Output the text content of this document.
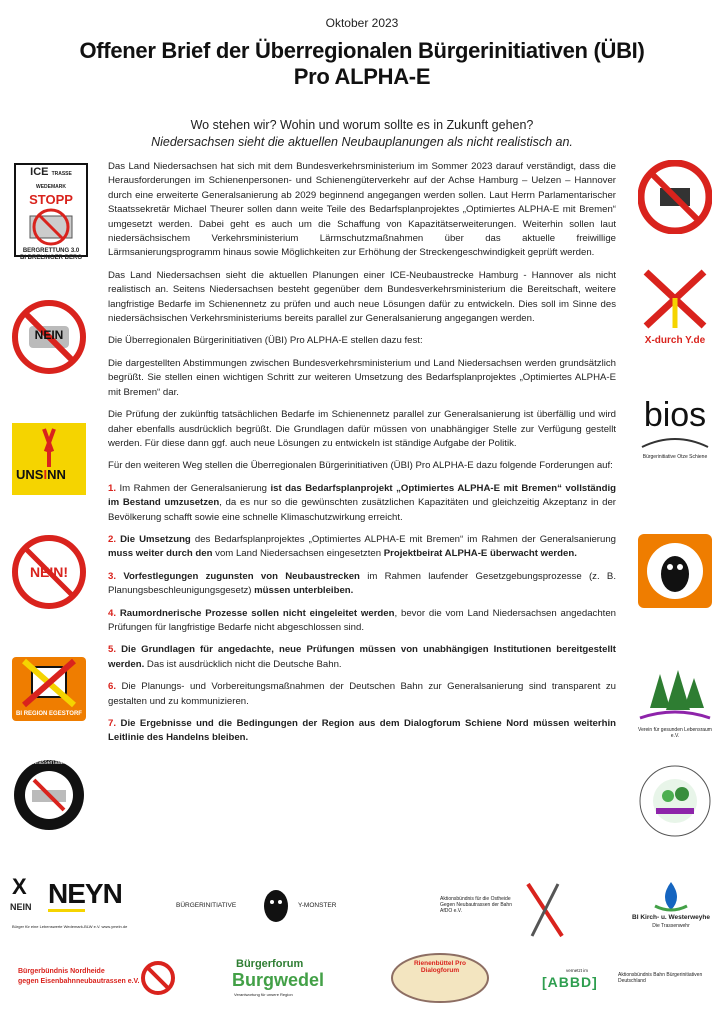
Oktober 2023
Offener Brief der Überregionalen Bürgerinitiativen (ÜBI)
Pro ALPHA-E
Wo stehen wir? Wohin und worum sollte es in Zukunft gehen?
Niedersachsen sieht die aktuellen Neubauplanungen als nicht realistisch an.

Das Land Niedersachsen hat sich mit dem Bundesverkehrsministerium im Sommer 2023 darauf verständigt, dass die Herausforderungen im Schienenpersonen- und Schienengüterverkehr auf der Achse Hamburg – Uelzen – Hannover durch eine erweiterte Generalsanierung ab 2029 beginnend angegangen werden sollen. Laut Herrn Parlamentarischer Staatssekretär Michael Theurer sollen dann weite Teile des Bedarfsplanprojektes „Optimiertes ALPHA-E mit Bremen“ umgesetzt werden. Dabei geht es auch um die Schaffung von Kapazitätserweiterungen. Weiterhin sollen laut niedersächsischem Verkehrsministerium Lärmschutzmaßnahmen über das aktuelle freiwillige Lärmsanierungsprogramm hinaus sowie Möglichkeiten zur Erhöhung der Streckengeschwindigkeit geprüft werden.

Das Land Niedersachsen sieht die aktuellen Planungen einer ICE-Neubaustrecke Hamburg - Hannover als nicht realistisch an. Seitens Niedersachsen besteht gegenüber dem Bundesverkehrsministerium die Bereitschaft, weitere langfristige Bedarfe im Schienennetz zu prüfen und auch neue Lösungen dafür zu entwickeln. Dies soll im Sinne des niedersächsischen Verkehrsministeriums bereits parallel zur Generalsanierung angegangen werden.

Die Überregionalen Bürgerinitiativen (ÜBI) Pro ALPHA-E stellen dazu fest:

Die dargestellten Abstimmungen zwischen Bundesverkehrsministerium und Land Niedersachsen werden grundsätzlich begrüßt. Sie stellen einen wichtigen Schritt zur weiteren Umsetzung des Bedarfsplanprojektes „Optimiertes ALPHA-E mit Bremen“ dar.

Die Prüfung der zukünftig tatsächlichen Bedarfe im Schienennetz parallel zur Generalsanierung ist überfällig und wird daher ebenfalls ausdrücklich begrüßt. Die Grundlagen dafür müssen von unabhängiger Stelle zur Verfügung gestellt werden. Für diese dann ggf. auch neue Lösungen zu entwickeln ist ständige Aufgabe der Politik.

Für den weiteren Weg stellen die Überregionalen Bürgerinitiativen (ÜBI) Pro ALPHA-E dazu folgende Forderungen auf:

1. Im Rahmen der Generalsanierung ist das Bedarfsplanprojekt „Optimiertes ALPHA-E mit Bremen“ vollständig im Bestand umzusetzen, da es nur so die gewünschten zusätzlichen Kapazitäten und gleichzeitig Akzeptanz in der Bevölkerung schafft sowie eine schnelle Klimaschutzwirkung erreicht.

2. Die Umsetzung des Bedarfsplanprojektes „Optimiertes ALPHA-E mit Bremen“ im Rahmen der Generalsanierung muss weiter durch den vom Land Niedersachsen eingesetzten Projektbeirat ALPHA-E überwacht werden.

3. Vorfestlegungen zugunsten von Neubaustrecken im Rahmen laufender Gesetzgebungsprozesse (z. B. Planungsbeschleunigungsgesetz) müssen unterbleiben.

4. Raumordnerische Prozesse sollen nicht eingeleitet werden, bevor die vom Land Niedersachsen angedachten Prüfungen für langfristige Bedarfe nicht abgeschlossen sind.

5. Die Grundlagen für angedachte, neue Prüfungen müssen von unabhängigen Institutionen bereitgestellt werden. Das ist ausdrücklich nicht die Deutsche Bahn.

6. Die Planungs- und Vorbereitungsmaßnahmen der Deutschen Bahn zur Generalsanierung sind transparent zu gestalten und zu kommunizieren.

7. Die Ergebnisse und die Bedingungen der Region aus dem Dialogforum Schiene Nord müssen weiterhin Leitlinie des Handelns bleiben.

ICE TRASSE
WEDEMARK
STOPP
BERGRETTUNG 3.0
BI BRELINGER BERG
NEIN
UNSINN
NEIN!
BI REGION EGESTORF
www.trassenalarm.de
X-durch Y.de
bios
Bürgerinitiative Otze Schiene
Verein für gesunden Lebensraum e.V.
X
NEIN NEYN
Bürger für eine Lebenswerte Wedemark-BLW e.V. www.ymeln.de
BÜRGERINITIATIVE	Y-MONSTER
Aktionsbündnis für die Ostheide Gegen Neubautrassen der Bahn AfDO e.V.
BI Kirch- u. Westerweyhe
Die Trassenwehr
Bürgerbündnis Nordheide
gegen Eisenbahnneubautrassen e.V.
Bürgerforum
Burgwedel
Verantwortung für unsere Region
Rienenbüttel Pro Dialogforum	vernetzt im
[ABBD]	Aktionsbündnis Bahn Bürgerinitiativen Deutschland
